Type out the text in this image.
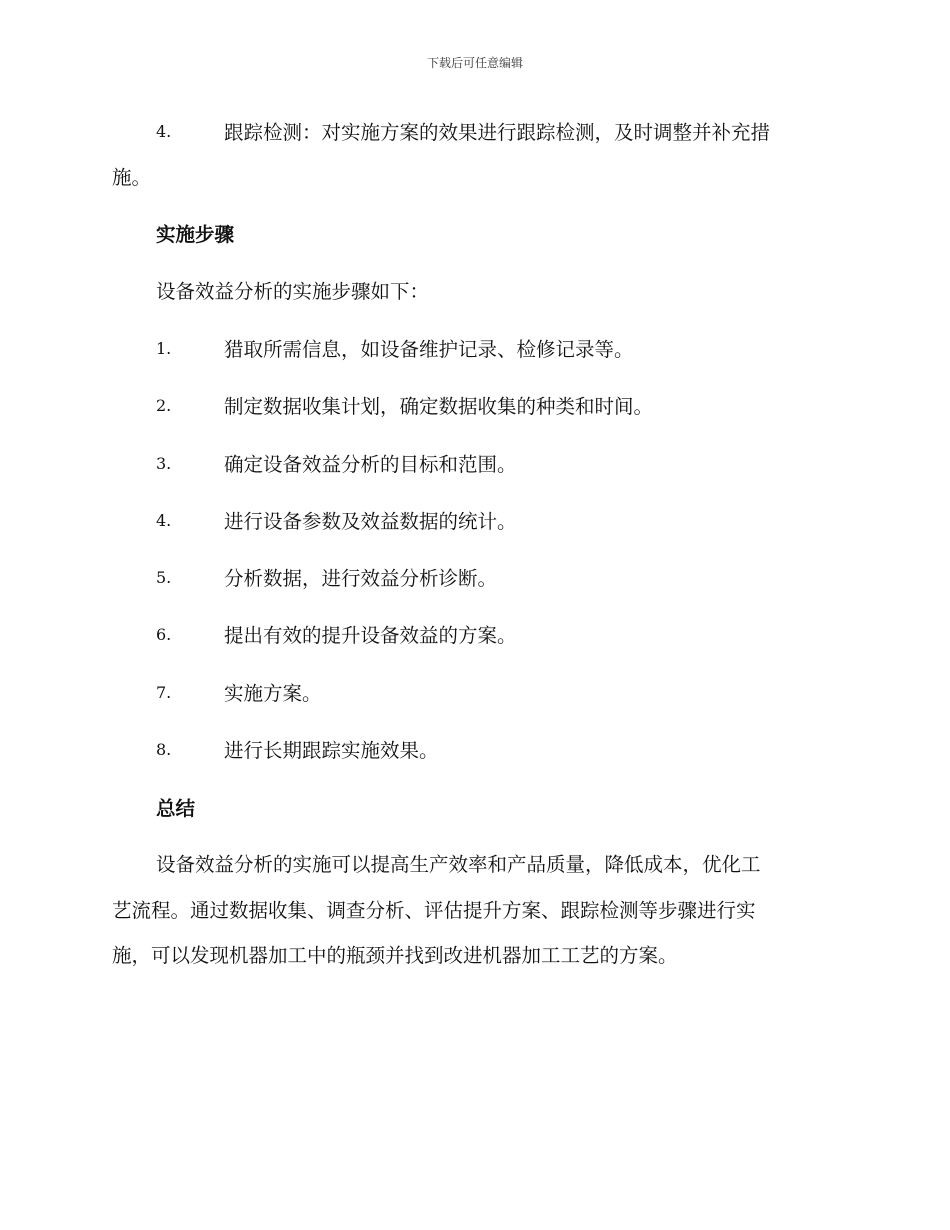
下载后可任意编辑
4.	跟踪检测：对实施方案的效果进行跟踪检测，及时调整并补充措
施。
实施步骤
设备效益分析的实施步骤如下：
1.	猎取所需信息，如设备维护记录、检修记录等。
2.	制定数据收集计划，确定数据收集的种类和时间。
3.	确定设备效益分析的目标和范围。
4.	进行设备参数及效益数据的统计。
5.	分析数据，进行效益分析诊断。
6.	提出有效的提升设备效益的方案。
7.	实施方案。
8.	进行长期跟踪实施效果。
总结
设备效益分析的实施可以提高生产效率和产品质量，降低成本，优化工
艺流程。通过数据收集、调查分析、评估提升方案、跟踪检测等步骤进行实
施，可以发现机器加工中的瓶颈并找到改进机器加工工艺的方案。
